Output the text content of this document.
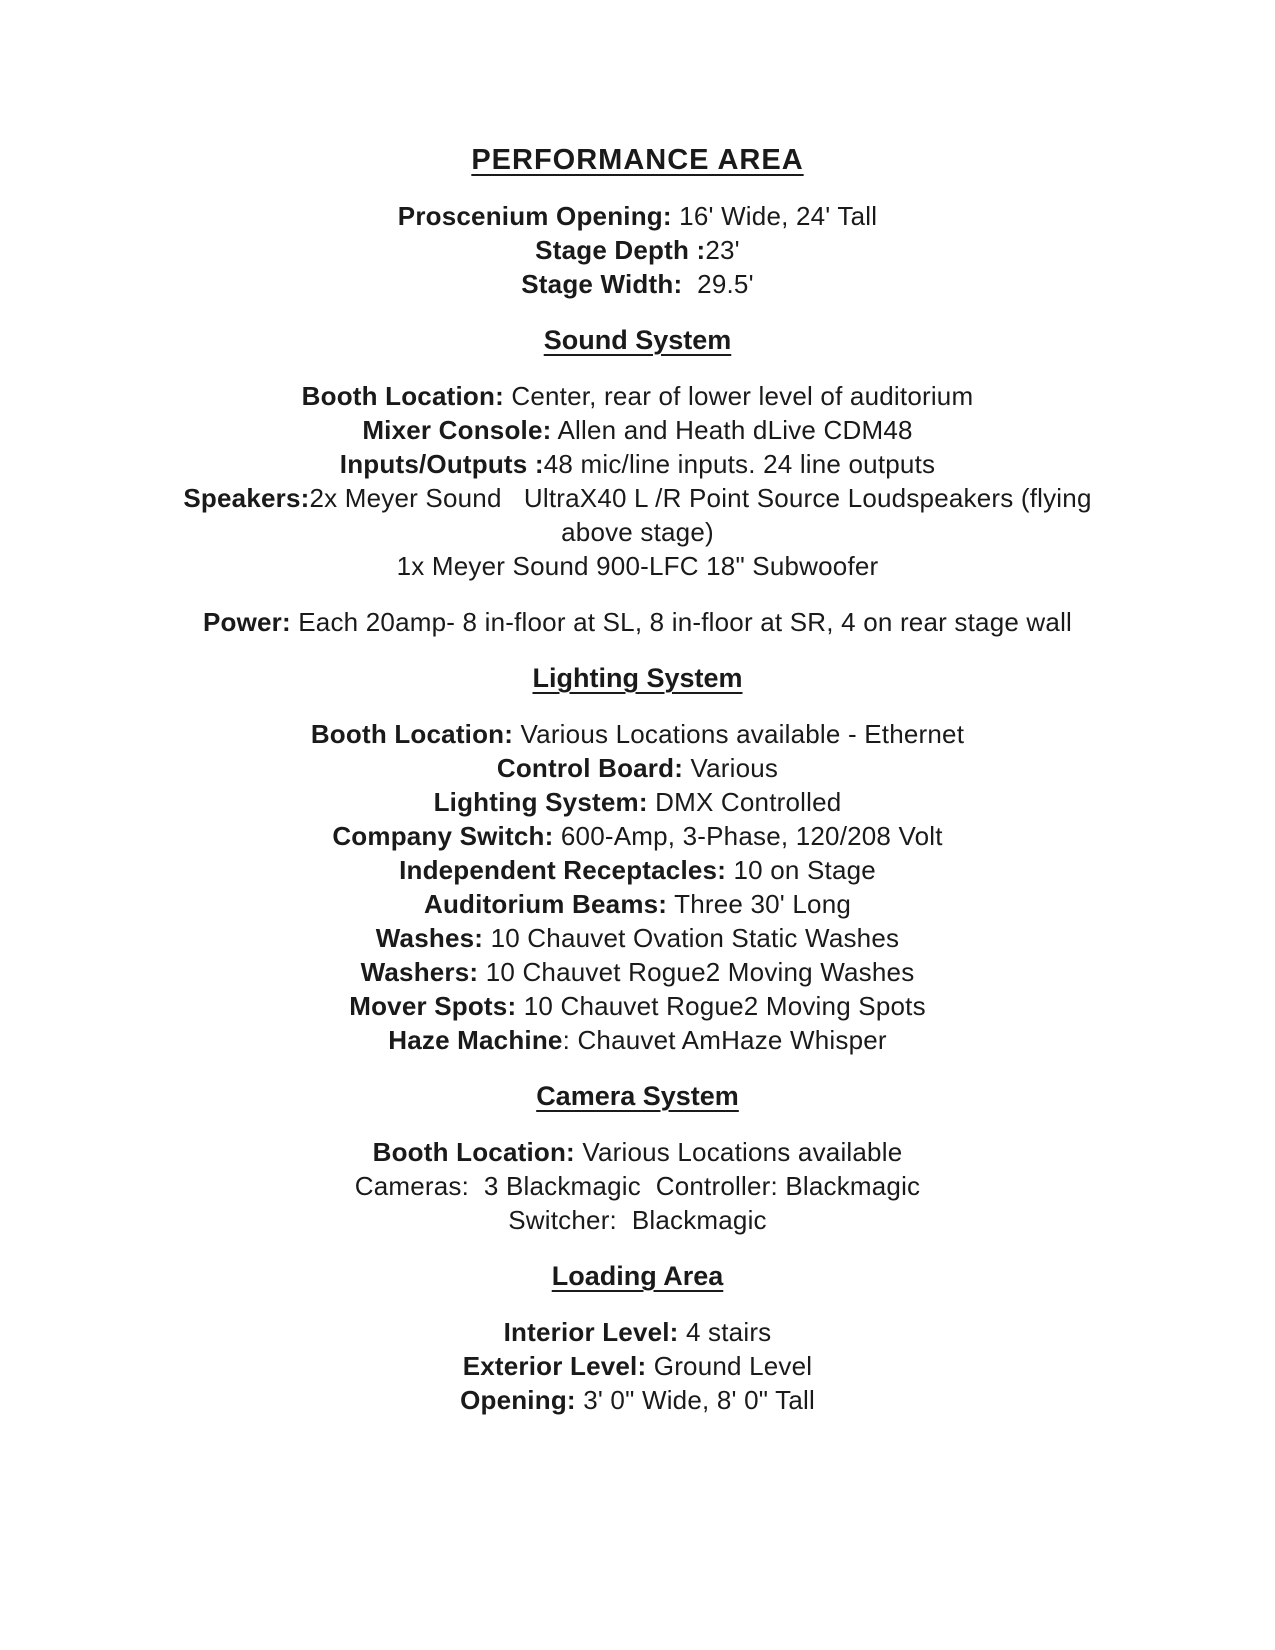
PERFORMANCE AREA
Proscenium Opening: 16' Wide, 24' Tall
Stage Depth :23'
Stage Width:  29.5'
Sound System
Booth Location: Center, rear of lower level of auditorium
Mixer Console: Allen and Heath dLive CDM48
Inputs/Outputs :48 mic/line inputs. 24 line outputs
Speakers:2x Meyer Sound   UltraX40 L /R Point Source Loudspeakers (flying
above stage)
1x Meyer Sound 900-LFC 18" Subwoofer
Power: Each 20amp- 8 in-floor at SL, 8 in-floor at SR, 4 on rear stage wall
Lighting System
Booth Location: Various Locations available - Ethernet
Control Board: Various
Lighting System: DMX Controlled
Company Switch: 600-Amp, 3-Phase, 120/208 Volt
Independent Receptacles: 10 on Stage
Auditorium Beams: Three 30' Long
Washes: 10 Chauvet Ovation Static Washes
Washers: 10 Chauvet Rogue2 Moving Washes
Mover Spots: 10 Chauvet Rogue2 Moving Spots
Haze Machine: Chauvet AmHaze Whisper
Camera System
Booth Location: Various Locations available
Cameras:  3 Blackmagic  Controller: Blackmagic
Switcher:  Blackmagic
Loading Area
Interior Level: 4 stairs
Exterior Level: Ground Level
Opening: 3' 0" Wide, 8' 0" Tall
